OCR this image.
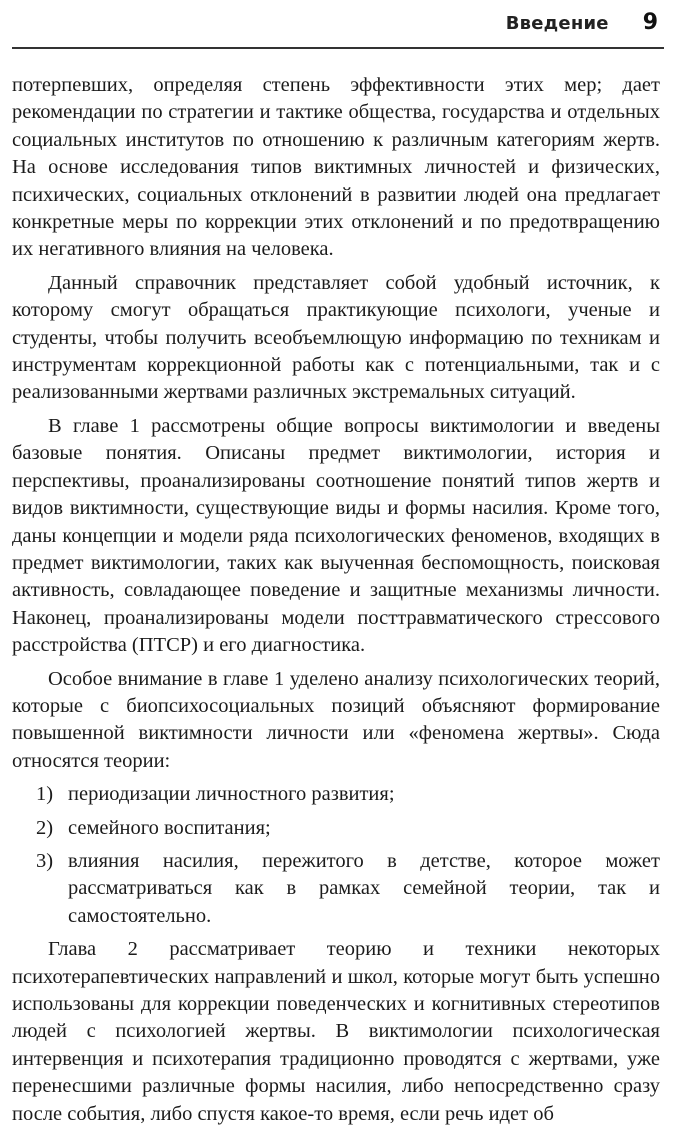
Введение 9

потерпевших, определяя степень эффективности этих мер; дает рекомендации по стратегии и тактике общества, государства и отдельных социальных институтов по отношению к различным категориям жертв. На основе исследования типов виктимных личностей и физических, психических, социальных отклонений в развитии людей она предлагает конкретные меры по коррекции этих отклонений и по предотвращению их негативного влияния на человека.

Данный справочник представляет собой удобный источник, к которому смогут обращаться практикующие психологи, ученые и студенты, чтобы получить всеобъемлющую информацию по техникам и инструментам коррекционной работы как с потенциальными, так и с реализованными жертвами различных экстремальных ситуаций.

В главе 1 рассмотрены общие вопросы виктимологии и введены базовые понятия. Описаны предмет виктимологии, история и перспективы, проанализированы соотношение понятий типов жертв и видов виктимности, существующие виды и формы насилия. Кроме того, даны концепции и модели ряда психологических феноменов, входящих в предмет виктимологии, таких как выученная беспомощность, поисковая активность, совладающее поведение и защитные механизмы личности. Наконец, проанализированы модели посттравматического стрессового расстройства (ПТСР) и его диагностика.

Особое внимание в главе 1 уделено анализу психологических теорий, которые с биопсихосоциальных позиций объясняют формирование повышенной виктимности личности или «феномена жертвы». Сюда относятся теории:

1) периодизации личностного развития;
2) семейного воспитания;
3) влияния насилия, пережитого в детстве, которое может рассматриваться как в рамках семейной теории, так и самостоятельно.

Глава 2 рассматривает теорию и техники некоторых психотерапевтических направлений и школ, которые могут быть успешно использованы для коррекции поведенческих и когнитивных стереотипов людей с психологией жертвы. В виктимологии психологическая интервенция и психотерапия традиционно проводятся с жертвами, уже перенесшими различные формы насилия, либо непосредственно сразу после события, либо спустя какое-то время, если речь идет об
